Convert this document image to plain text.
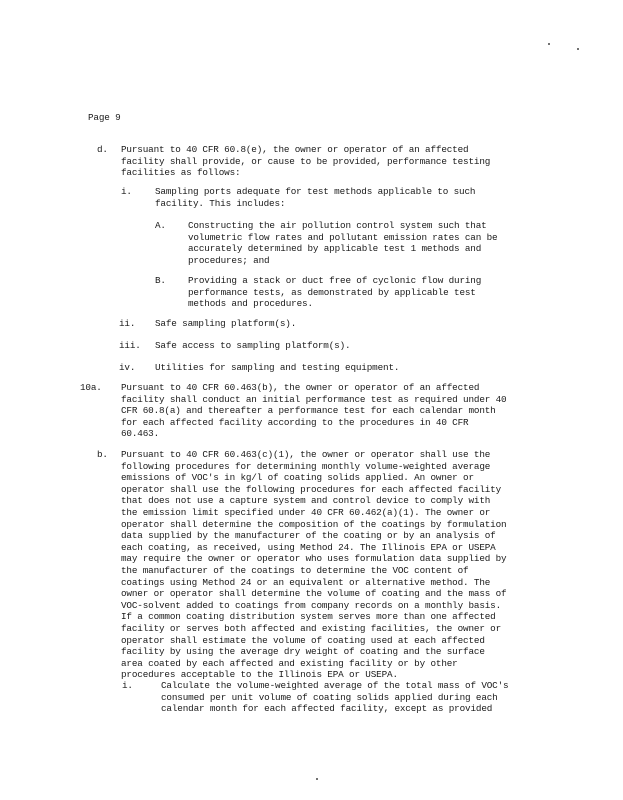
Page 9
d. Pursuant to 40 CFR 60.8(e), the owner or operator of an affected
facility shall provide, or cause to be provided, performance testing
facilities as follows:
i. Sampling ports adequate for test methods applicable to such
facility. This includes:
A. Constructing the air pollution control system such that
volumetric flow rates and pollutant emission rates can be
accurately determined by applicable test 1 methods and
procedures; and
B. Providing a stack or duct free of cyclonic flow during
performance tests, as demonstrated by applicable test
methods and procedures.
ii. Safe sampling platform(s).
iii. Safe access to sampling platform(s).
iv. Utilities for sampling and testing equipment.
10a. Pursuant to 40 CFR 60.463(b), the owner or operator of an affected
facility shall conduct an initial performance test as required under 40
CFR 60.8(a) and thereafter a performance test for each calendar month
for each affected facility according to the procedures in 40 CFR
60.463.
b. Pursuant to 40 CFR 60.463(c)(1), the owner or operator shall use the
following procedures for determining monthly volume-weighted average
emissions of VOC's in kg/l of coating solids applied. An owner or
operator shall use the following procedures for each affected facility
that does not use a capture system and control device to comply with
the emission limit specified under 40 CFR 60.462(a)(1). The owner or
operator shall determine the composition of the coatings by formulation
data supplied by the manufacturer of the coating or by an analysis of
each coating, as received, using Method 24. The Illinois EPA or USEPA
may require the owner or operator who uses formulation data supplied by
the manufacturer of the coatings to determine the VOC content of
coatings using Method 24 or an equivalent or alternative method. The
owner or operator shall determine the volume of coating and the mass of
VOC-solvent added to coatings from company records on a monthly basis.
If a common coating distribution system serves more than one affected
facility or serves both affected and existing facilities, the owner or
operator shall estimate the volume of coating used at each affected
facility by using the average dry weight of coating and the surface
area coated by each affected and existing facility or by other
procedures acceptable to the Illinois EPA or USEPA.
i.	Calculate the volume-weighted average of the total mass of VOC's
consumed per unit volume of coating solids applied during each
calendar month for each affected facility, except as provided
